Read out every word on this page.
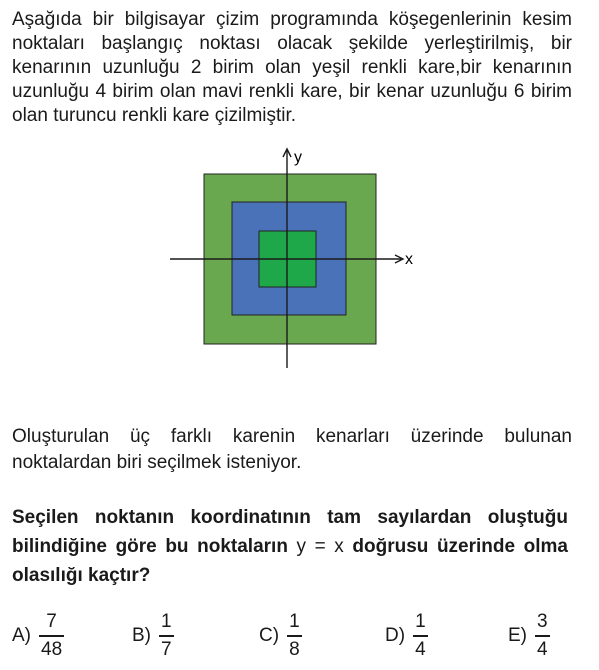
Aşağıda bir bilgisayar çizim programında köşegenlerinin kesim noktaları başlangıç noktası olacak şekilde yerleştirilmiş, bir kenarının uzunluğu 2 birim olan yeşil renkli kare,bir kenarının uzunluğu 4 birim olan mavi renkli kare, bir kenar uzunluğu 6 birim olan turuncu renkli kare çizilmiştir.
x
y
Oluşturulan üç farklı karenin kenarları üzerinde bulunan noktalardan biri seçilmek isteniyor.
Seçilen noktanın koordinatının tam sayılardan oluştuğu bilindiğine göre bu noktaların y = x doğrusu üzerinde olma olasılığı kaçtır?
$A) \frac{7}{48}$	$B) \frac{1}{7}$	$C) \frac{1}{8}$	$D) \frac{1}{4}$	$E) \frac{3}{4}$
